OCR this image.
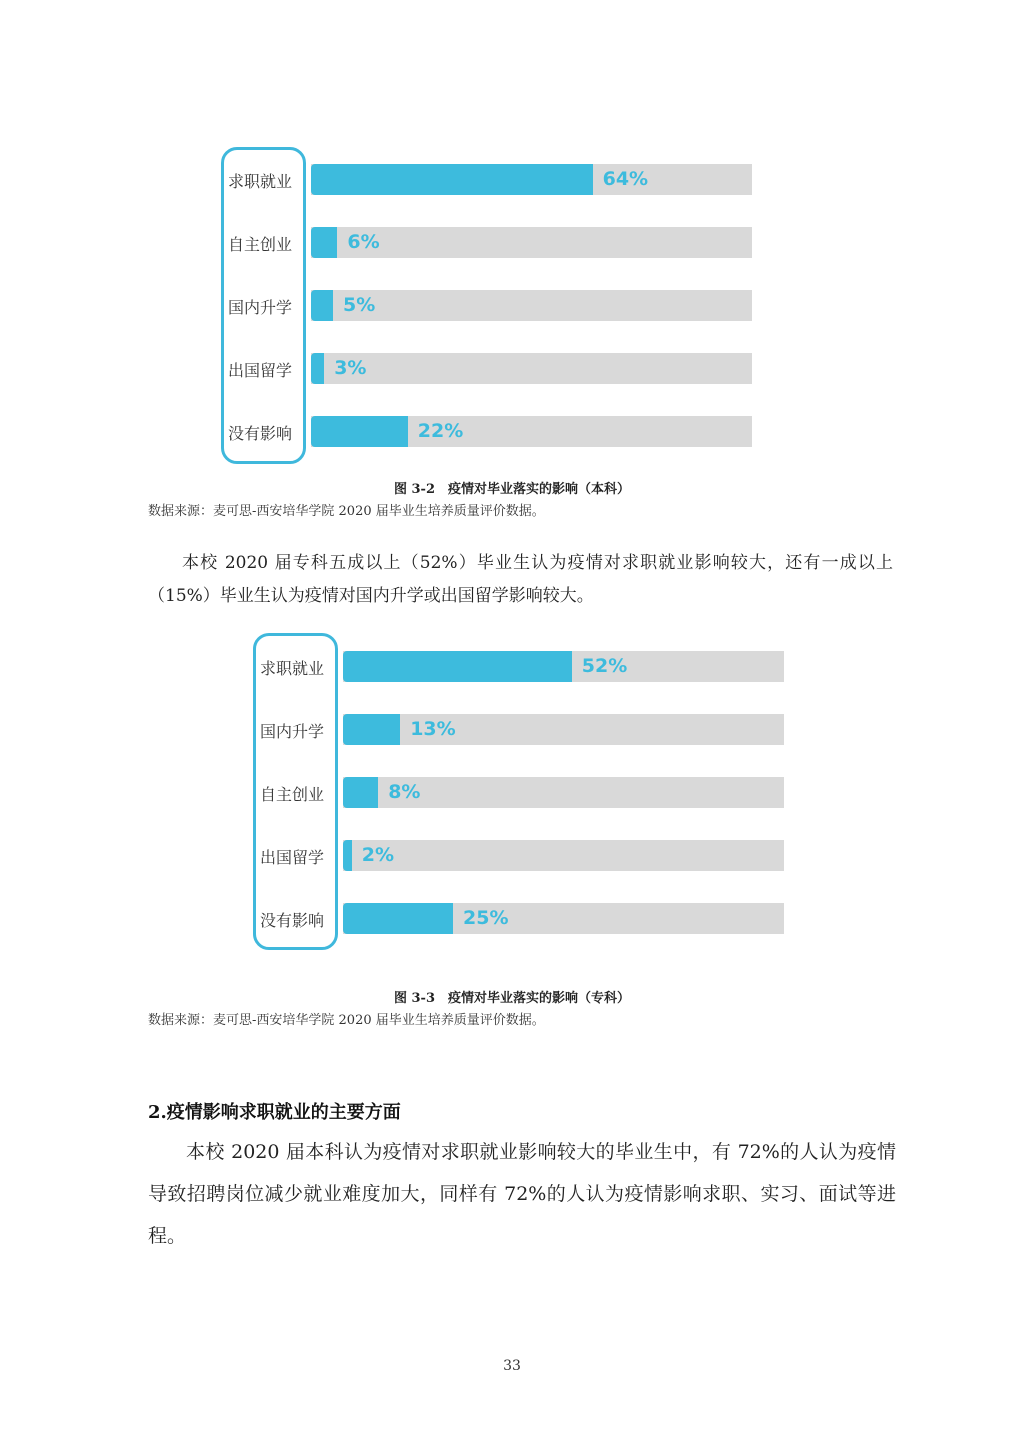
求职就业	64%
自主创业	6%
国内升学	5%
出国留学 3%
没有影响	22%
图 3-2　疫情对毕业落实的影响（本科）
数据来源：麦可思-西安培华学院 2020 届毕业生培养质量评价数据。
本校 2020 届专科五成以上（52%）毕业生认为疫情对求职就业影响较大，还有一成以上（15%）毕业生认为疫情对国内升学或出国留学影响较大。
求职就业	52%
国内升学	13%
自主创业	8%
出国留学 2%
没有影响	25%
图 3-3　疫情对毕业落实的影响（专科）
数据来源：麦可思-西安培华学院 2020 届毕业生培养质量评价数据。
2.疫情影响求职就业的主要方面
本校 2020 届本科认为疫情对求职就业影响较大的毕业生中，有 72%的人认为疫情导致招聘岗位减少就业难度加大，同样有 72%的人认为疫情影响求职、实习、面试等进程。
33
